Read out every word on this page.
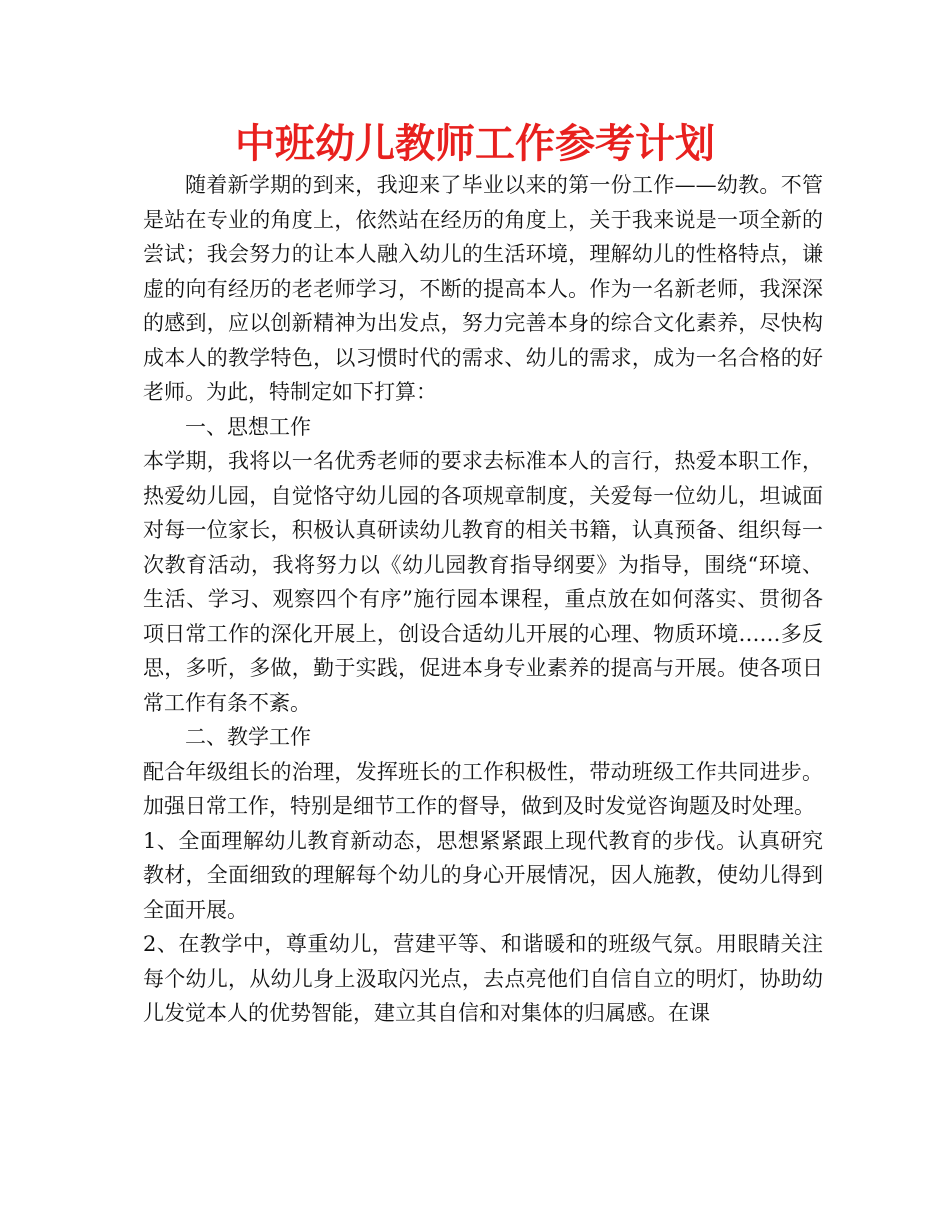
中班幼儿教师工作参考计划

随着新学期的到来，我迎来了毕业以来的第一份工作——幼教。不管是站在专业的角度上，依然站在经历的角度上，关于我来说是一项全新的尝试；我会努力的让本人融入幼儿的生活环境，理解幼儿的性格特点，谦虚的向有经历的老老师学习，不断的提高本人。作为一名新老师，我深深的感到，应以创新精神为出发点，努力完善本身的综合文化素养，尽快构成本人的教学特色，以习惯时代的需求、幼儿的需求，成为一名合格的好老师。为此，特制定如下打算：

一、思想工作

本学期，我将以一名优秀老师的要求去标准本人的言行，热爱本职工作，热爱幼儿园，自觉恪守幼儿园的各项规章制度，关爱每一位幼儿，坦诚面对每一位家长，积极认真研读幼儿教育的相关书籍，认真预备、组织每一次教育活动，我将努力以《幼儿园教育指导纲要》为指导，围绕“环境、生活、学习、观察四个有序”施行园本课程，重点放在如何落实、贯彻各项日常工作的深化开展上，创设合适幼儿开展的心理、物质环境……多反思，多听，多做，勤于实践，促进本身专业素养的提高与开展。使各项日常工作有条不紊。

二、教学工作

配合年级组长的治理，发挥班长的工作积极性，带动班级工作共同进步。加强日常工作，特别是细节工作的督导，做到及时发觉咨询题及时处理。

1、全面理解幼儿教育新动态，思想紧紧跟上现代教育的步伐。认真研究教材，全面细致的理解每个幼儿的身心开展情况，因人施教，使幼儿得到全面开展。

2、在教学中，尊重幼儿，营建平等、和谐暖和的班级气氛。用眼睛关注每个幼儿，从幼儿身上汲取闪光点，去点亮他们自信自立的明灯，协助幼儿发觉本人的优势智能，建立其自信和对集体的归属感。在课
